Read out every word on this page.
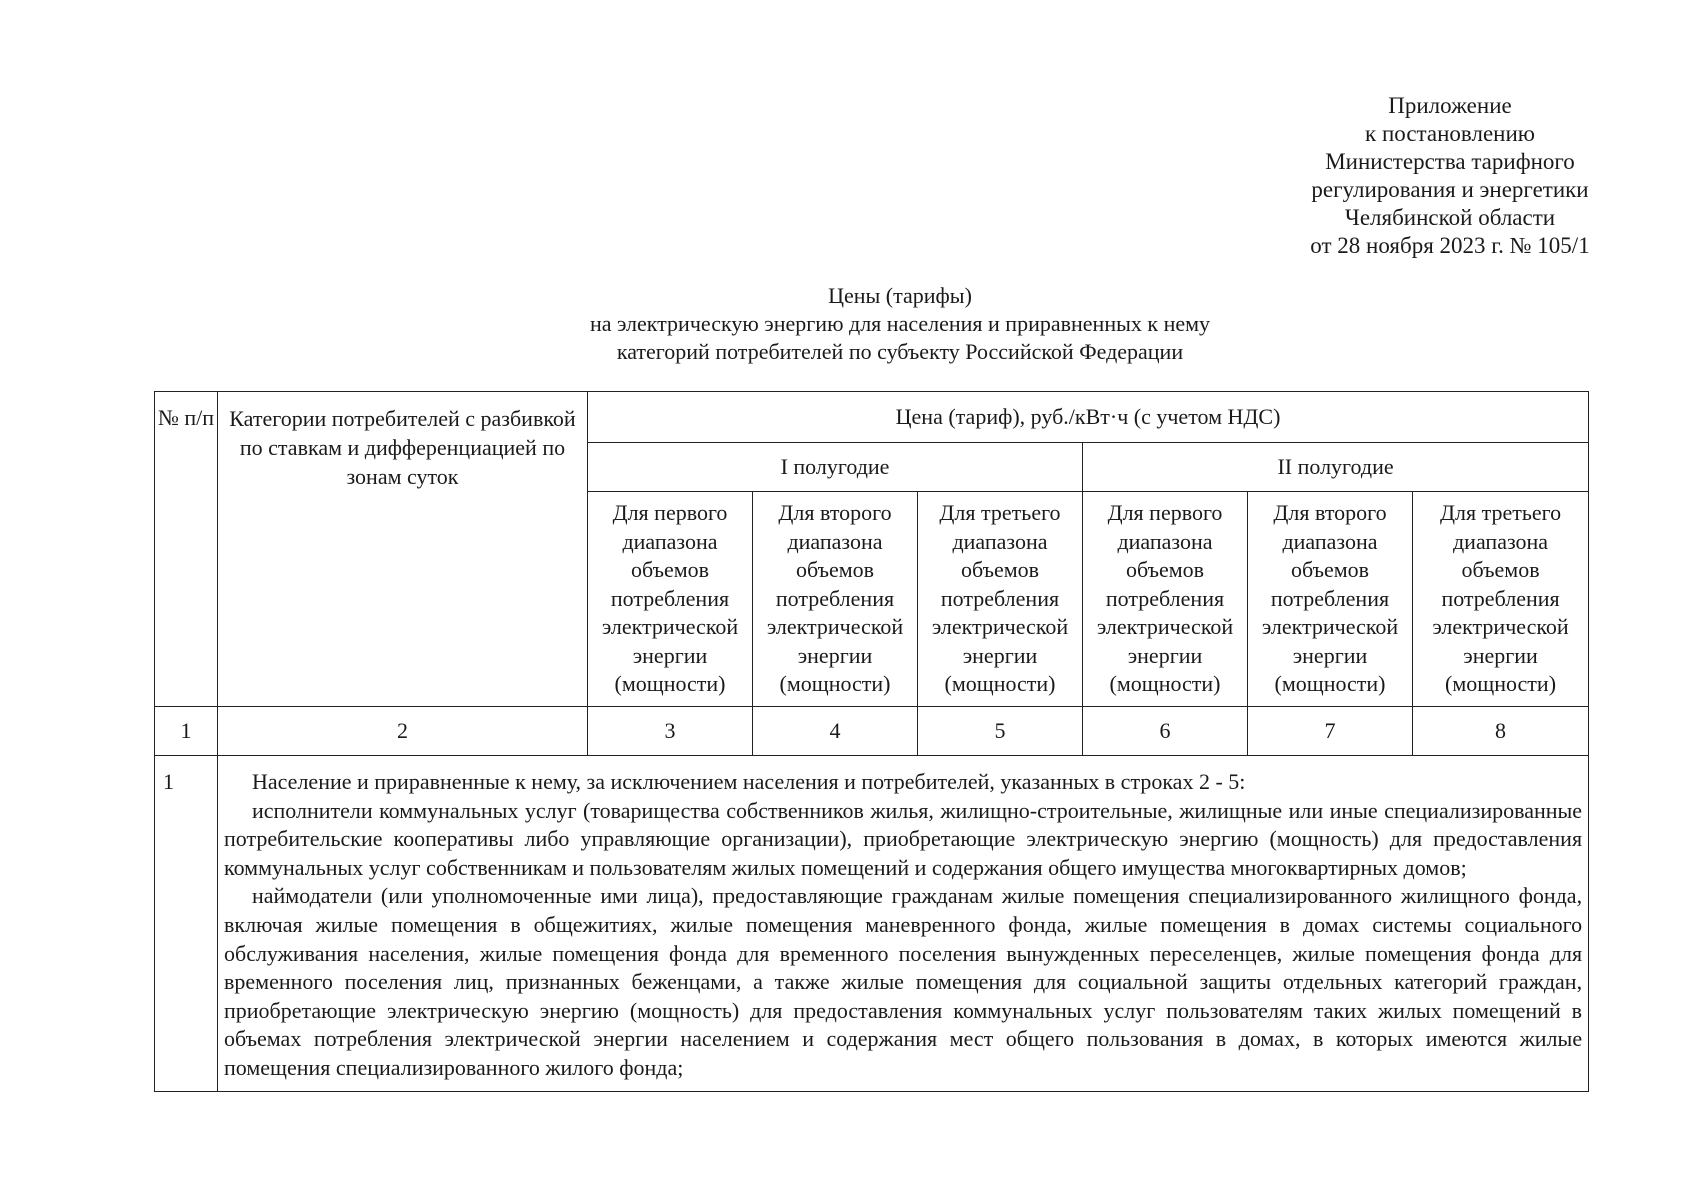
Приложение
к постановлению
Министерства тарифного
регулирования и энергетики
Челябинской области
от 28 ноября 2023 г. № 105/1
Цены (тарифы)
на электрическую энергию для населения и приравненных к нему
категорий потребителей по субъекту Российской Федерации
№ п/п	Категории потребителей с разбивкой по ставкам и дифференциацией по зонам суток	Цена (тариф), руб./кВт·ч (с учетом НДС)					
		I полугодие			II полугодие		
		Для первого диапазона объемов потребления электрической энергии (мощности)	Для второго диапазона объемов потребления электрической энергии (мощности)	Для третьего диапазона объемов потребления электрической энергии (мощности)	Для первого диапазона объемов потребления электрической энергии (мощности)	Для второго диапазона объемов потребления электрической энергии (мощности)	Для третьего диапазона объемов потребления электрической энергии (мощности)
1	2	3	4	5	6	7	8
1	Население и приравненные к нему, за исключением населения и потребителей, указанных в строках 2 - 5:

исполнители коммунальных услуг (товарищества собственников жилья, жилищно-строительные, жилищные или иные специализированные потребительские кооперативы либо управляющие организации), приобретающие электрическую энергию (мощность) для предоставления коммунальных услуг собственникам и пользователям жилых помещений и содержания общего имущества многоквартирных домов;

наймодатели (или уполномоченные ими лица), предоставляющие гражданам жилые помещения специализированного жилищного фонда, включая жилые помещения в общежитиях, жилые помещения маневренного фонда, жилые помещения в домах системы социального обслуживания населения, жилые помещения фонда для временного поселения вынужденных переселенцев, жилые помещения фонда для временного поселения лиц, признанных беженцами, а также жилые помещения для социальной защиты отдельных категорий граждан, приобретающие электрическую энергию (мощность) для предоставления коммунальных услуг пользователям таких жилых помещений в объемах потребления электрической энергии населением и содержания мест общего пользования в домах, в которых имеются жилые помещения специализированного жилого фонда;						
